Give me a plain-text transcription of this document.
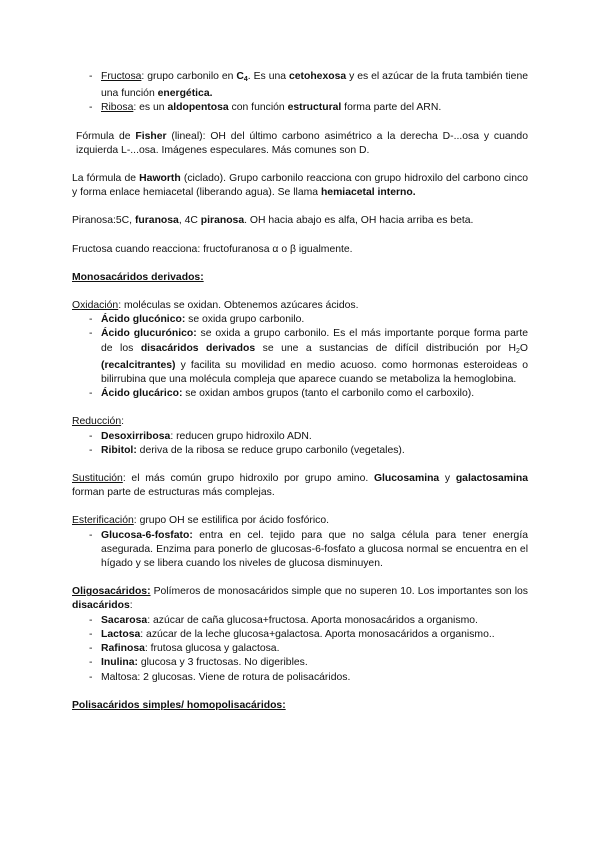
- Fructosa: grupo carbonilo en $C_4$. Es una cetohexosa y es el azúcar de la fruta también tiene una función energética.
- Ribosa: es un aldopentosa con función estructural forma parte del ARN.

Fórmula de Fisher (lineal): OH del último carbono asimétrico a la derecha D-...osa y cuando izquierda L-...osa. Imágenes especulares. Más comunes son D.

La fórmula de Haworth (ciclado). Grupo carbonilo reacciona con grupo hidroxilo del carbono cinco y forma enlace hemiacetal (liberando agua). Se llama hemiacetal interno.

Piranosa:5C, furanosa, 4C piranosa. OH hacia abajo es alfa, OH hacia arriba es beta.

Fructosa cuando reacciona: fructofuranosa α o β igualmente.

Monosacáridos derivados:

Oxidación: moléculas se oxidan. Obtenemos azúcares ácidos.

- Ácido glucónico: se oxida grupo carbonilo.
- Ácido glucurónico: se oxida a grupo carbonilo. Es el más importante porque forma parte de los disacáridos derivados se une a sustancias de difícil distribución por $H_2O$ (recalcitrantes) y facilita su movilidad en medio acuoso. como hormonas esteroideas o bilirrubina que una molécula compleja que aparece cuando se metaboliza la hemoglobina.
- Ácido glucárico: se oxidan ambos grupos (tanto el carbonilo como el carboxilo).

Reducción:

- Desoxirribosa: reducen grupo hidroxilo ADN.
- Ribitol: deriva de la ribosa se reduce grupo carbonilo (vegetales).

Sustitución: el más común grupo hidroxilo por grupo amino. Glucosamina y galactosamina forman parte de estructuras más complejas.

Esterificación: grupo OH se estilifica por ácido fosfórico.

- Glucosa-6-fosfato: entra en cel. tejido para que no salga célula para tener energía asegurada. Enzima para ponerlo de glucosas-6-fosfato a glucosa normal se encuentra en el hígado y se libera cuando los niveles de glucosa disminuyen.

Oligosacáridos: Polímeros de monosacáridos simple que no superen 10. Los importantes son los disacáridos:

- Sacarosa: azúcar de caña glucosa+fructosa. Aporta monosacáridos a organismo.
- Lactosa: azúcar de la leche glucosa+galactosa. Aporta monosacáridos a organismo..
- Rafinosa: frutosa glucosa y galactosa.
- Inulina: glucosa y 3 fructosas. No digeribles.
- Maltosa: 2 glucosas. Viene de rotura de polisacáridos.

Polisacáridos simples/ homopolisacáridos:
